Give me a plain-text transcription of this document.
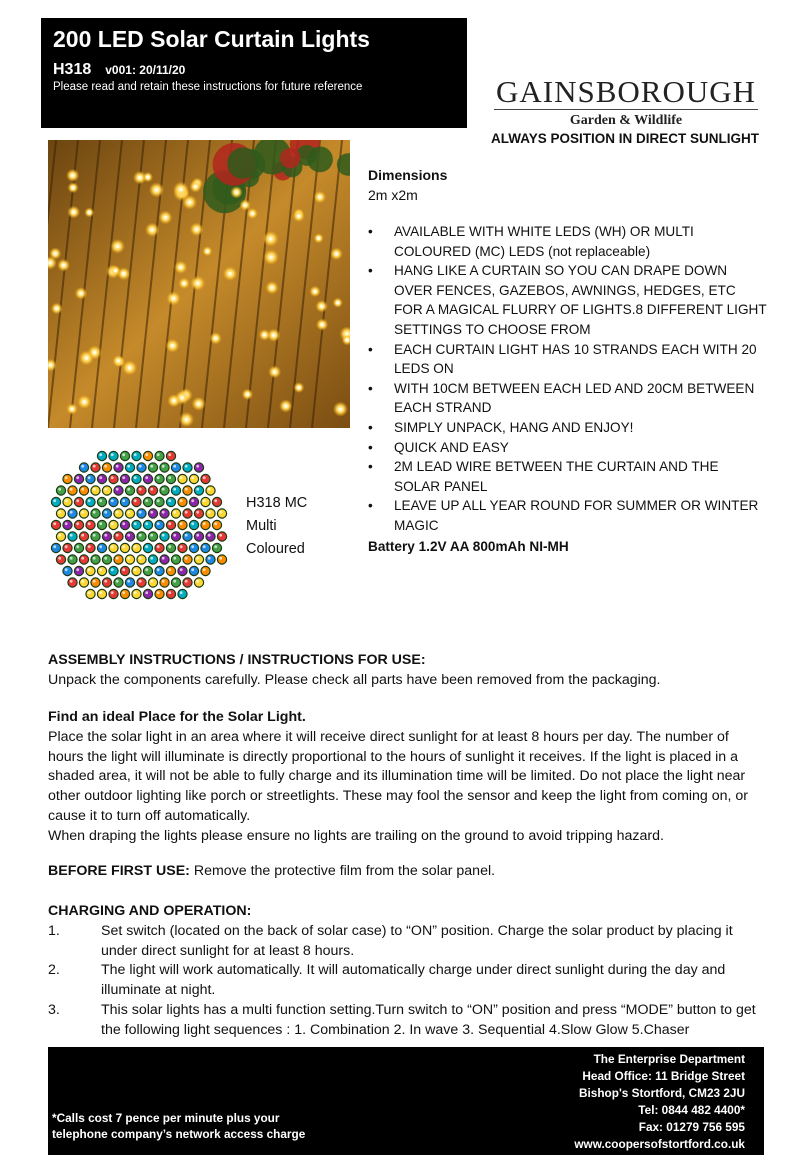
200 LED Solar Curtain Lights
H318 v001: 20/11/20
Please read and retain these instructions for future reference	GAINSBOROUGH
Garden & Wildlife
ALWAYS POSITION IN DIRECT SUNLIGHT
H318 MC
Multi
Coloured
Dimensions
2m x2m
• AVAILABLE WITH WHITE LEDS (WH) OR MULTI COLOURED (MC) LEDS (not replaceable)
• HANG LIKE A CURTAIN SO YOU CAN DRAPE DOWN OVER FENCES, GAZEBOS, AWNINGS, HEDGES, ETC FOR A MAGICAL FLURRY OF LIGHTS.8 DIFFERENT LIGHT SETTINGS TO CHOOSE FROM
• EACH CURTAIN LIGHT HAS 10 STRANDS EACH WITH 20 LEDS ON
• WITH 10CM BETWEEN EACH LED AND 20CM BETWEEN EACH STRAND
• SIMPLY UNPACK, HANG AND ENJOY!
• QUICK AND EASY
• 2M LEAD WIRE BETWEEN THE CURTAIN AND THE SOLAR PANEL
• LEAVE UP ALL YEAR ROUND FOR SUMMER OR WINTER MAGIC
Battery 1.2V AA 800mAh NI-MH
ASSEMBLY INSTRUCTIONS / INSTRUCTIONS FOR USE:
Unpack the components carefully. Please check all parts have been removed from the packaging.
Find an ideal Place for the Solar Light.
Place the solar light in an area where it will receive direct sunlight for at least 8 hours per day. The number of hours the light will illuminate is directly proportional to the hours of sunlight it receives. If the light is placed in a shaded area, it will not be able to fully charge and its illumination time will be limited. Do not place the light near other outdoor lighting like porch or streetlights. These may fool the sensor and keep the light from coming on, or cause it to turn off automatically.
When draping the lights please ensure no lights are trailing on the ground to avoid tripping hazard.
BEFORE FIRST USE: Remove the protective film from the solar panel.
CHARGING AND OPERATION:
1.	Set switch (located on the back of solar case) to “ON” position. Charge the solar product by placing it under direct sunlight for at least 8 hours.
2.	The light will work automatically. It will automatically charge under direct sunlight during the day and illuminate at night.
3.	This solar lights has a multi function setting.Turn switch to “ON” position and press “MODE” button to get the following light sequences : 1. Combination 2. In wave 3. Sequential 4.Slow Glow 5.Chaser
The Enterprise Department
Head Office: 11 Bridge Street
Bishop's Stortford, CM23 2JU
Tel: 0844 482 4400*
Fax: 01279 756 595
www.coopersofstortford.co.uk
*Calls cost 7 pence per minute plus your
telephone company’s network access charge
